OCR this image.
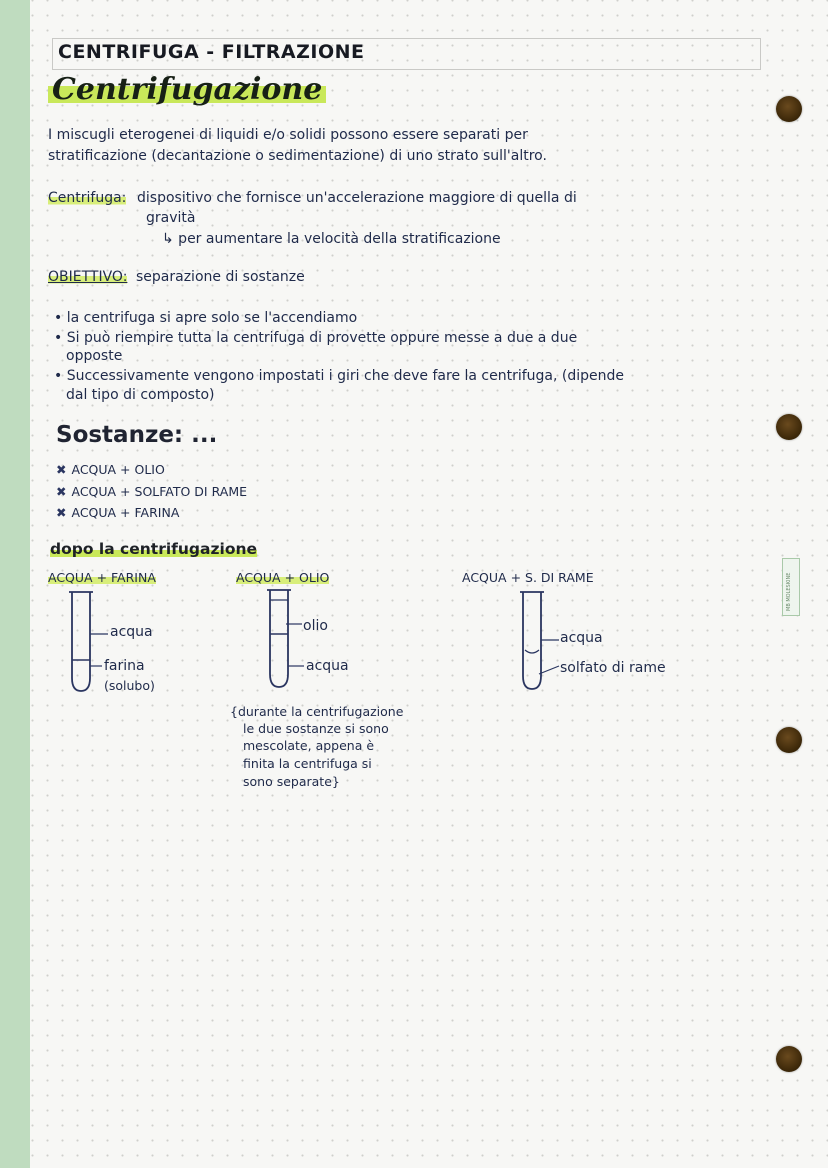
MB MOLESKINE
CENTRIFUGA - FILTRAZIONE
Centrifugazione
I miscugli eterogenei di liquidi e/o solidi possono essere separati per
stratificazione (decantazione o sedimentazione) di uno strato sull'altro.
Centrifuga: dispositivo che fornisce un'accelerazione maggiore di quella di
gravità
↳ per aumentare la velocità della stratificazione
OBIETTIVO: separazione di sostanze
• la centrifuga si apre solo se l'accendiamo
• Si può riempire tutta la centrifuga di provette oppure messe a due a due
opposte
• Successivamente vengono impostati i giri che deve fare la centrifuga, (dipende
dal tipo di composto)
Sostanze: ...
✖ ACQUA + OLIO
✖ ACQUA + SOLFATO DI RAME
✖ ACQUA + FARINA
dopo la centrifugazione
ACQUA + FARINA
acqua
farina
(solubo)
ACQUA + OLIO
olio
acqua
ACQUA + S. DI RAME
acqua
solfato di rame
{durante la centrifugazione
le due sostanze si sono
mescolate, appena è
finita la centrifuga si
sono separate}
